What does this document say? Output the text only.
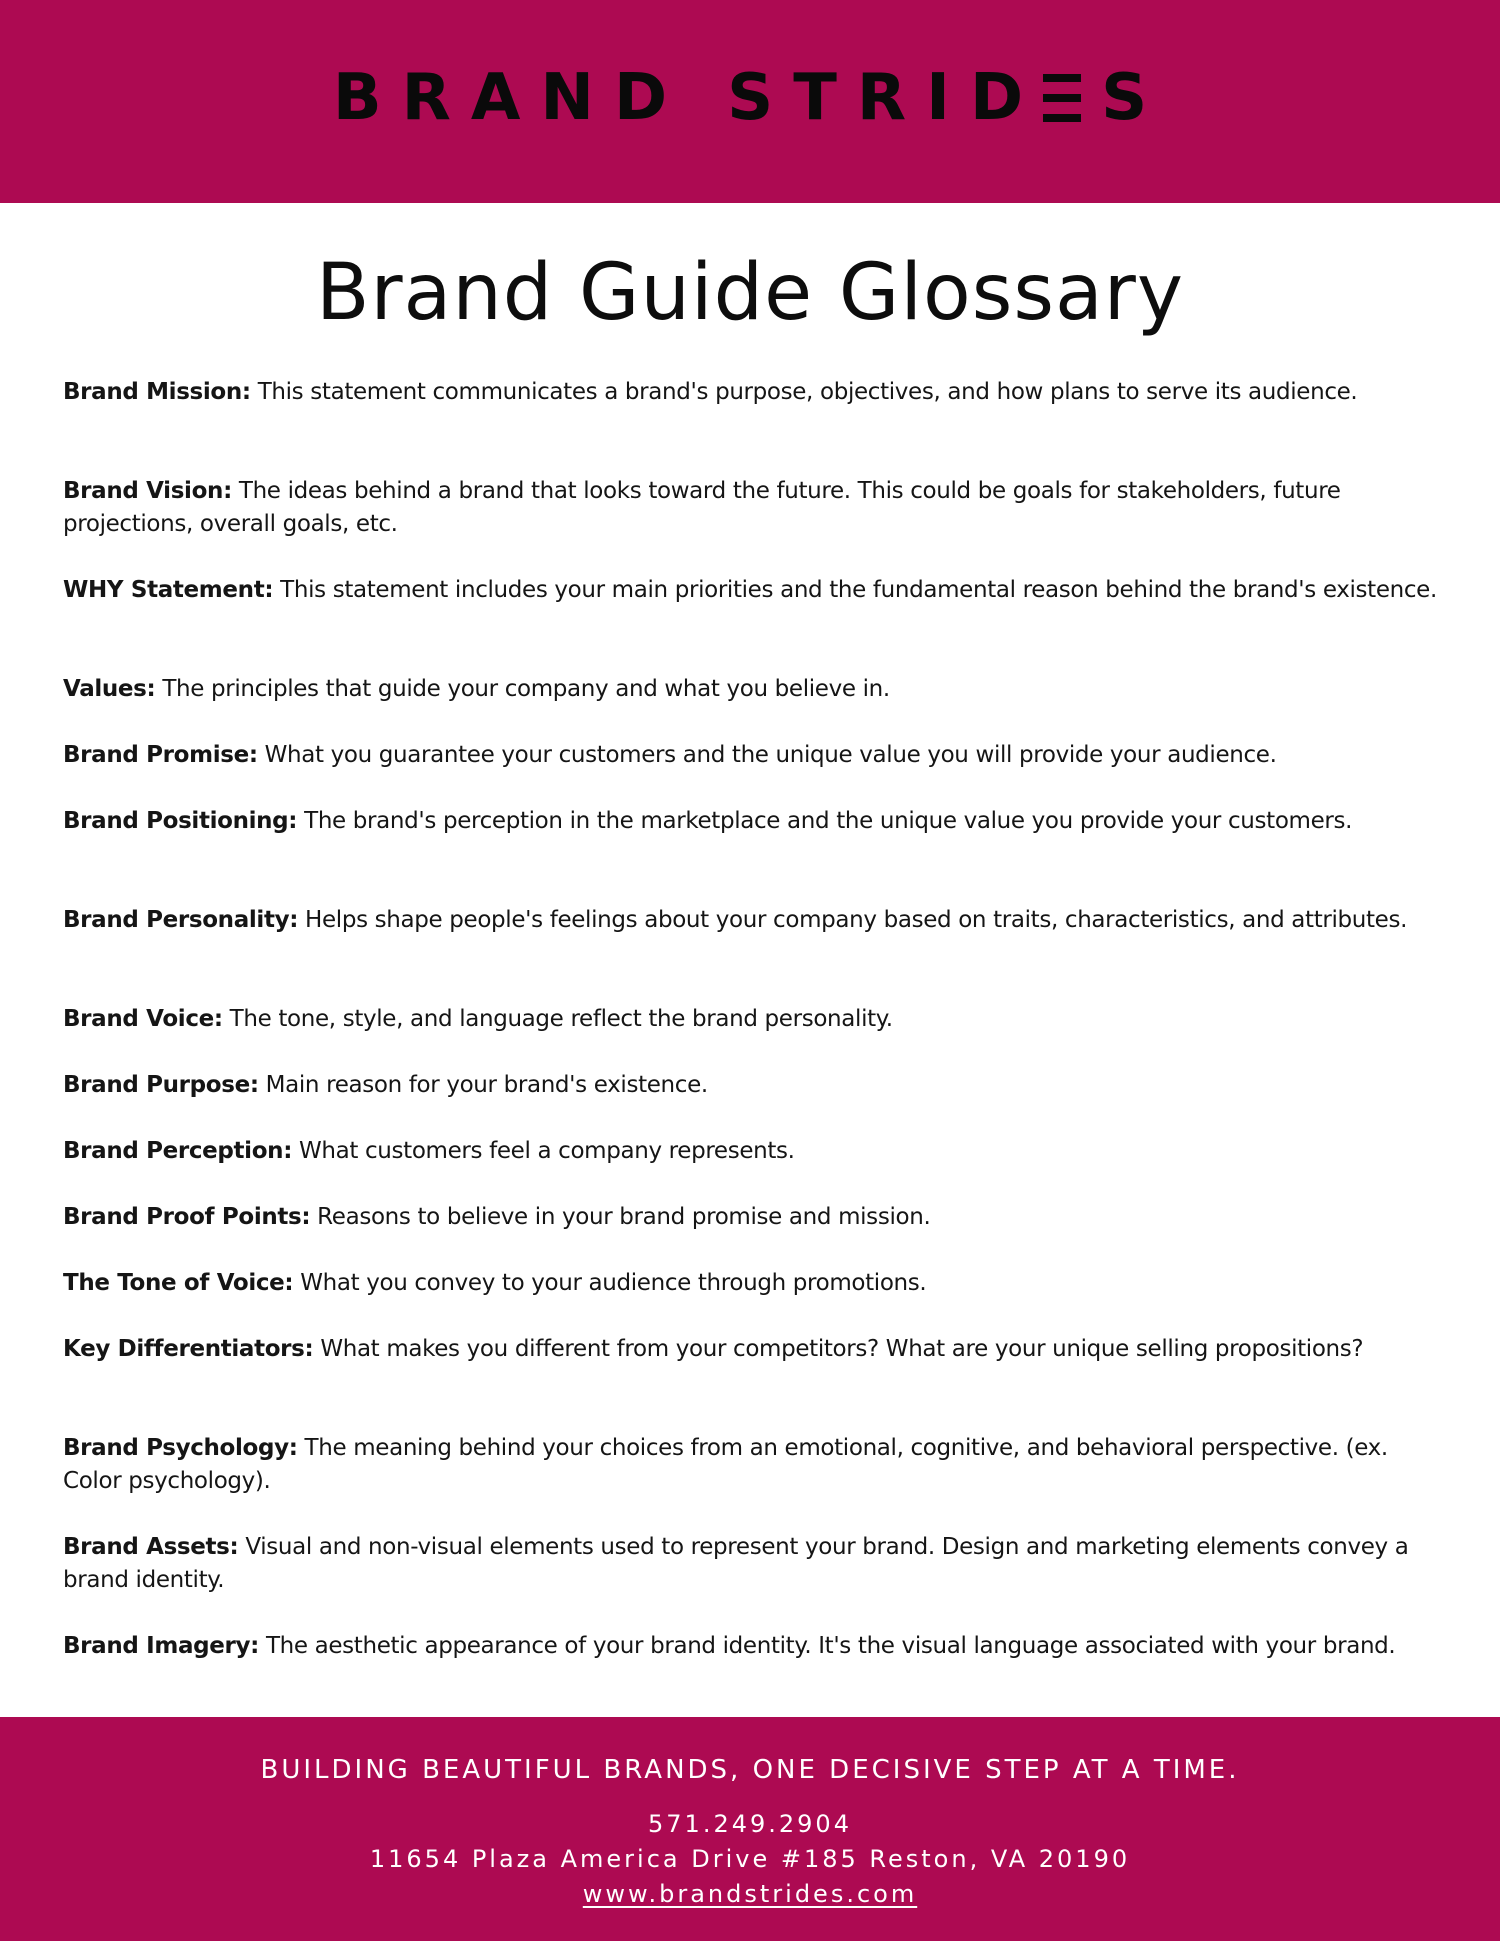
BRAND STRID S
Brand Guide Glossary

Brand Mission: This statement communicates a brand's purpose, objectives, and how plans to serve its audience.

Brand Vision: The ideas behind a brand that looks toward the future. This could be goals for stakeholders, future projections, overall goals, etc.

WHY Statement: This statement includes your main priorities and the fundamental reason behind the brand's existence.

Values: The principles that guide your company and what you believe in.

Brand Promise: What you guarantee your customers and the unique value you will provide your audience.

Brand Positioning: The brand's perception in the marketplace and the unique value you provide your customers.

Brand Personality: Helps shape people's feelings about your company based on traits, characteristics, and attributes.

Brand Voice: The tone, style, and language reflect the brand personality.

Brand Purpose: Main reason for your brand's existence.

Brand Perception: What customers feel a company represents.

Brand Proof Points: Reasons to believe in your brand promise and mission.

The Tone of Voice: What you convey to your audience through promotions.

Key Differentiators: What makes you different from your competitors? What are your unique selling propositions?

Brand Psychology: The meaning behind your choices from an emotional, cognitive, and behavioral perspective. (ex. Color psychology).

Brand Assets: Visual and non-visual elements used to represent your brand. Design and marketing elements convey a brand identity.

Brand Imagery: The aesthetic appearance of your brand identity. It's the visual language associated with your brand.

BUILDING BEAUTIFUL BRANDS, ONE DECISIVE STEP AT A TIME.
571.249.2904
11654 Plaza America Drive #185 Reston, VA 20190
www.brandstrides.com
